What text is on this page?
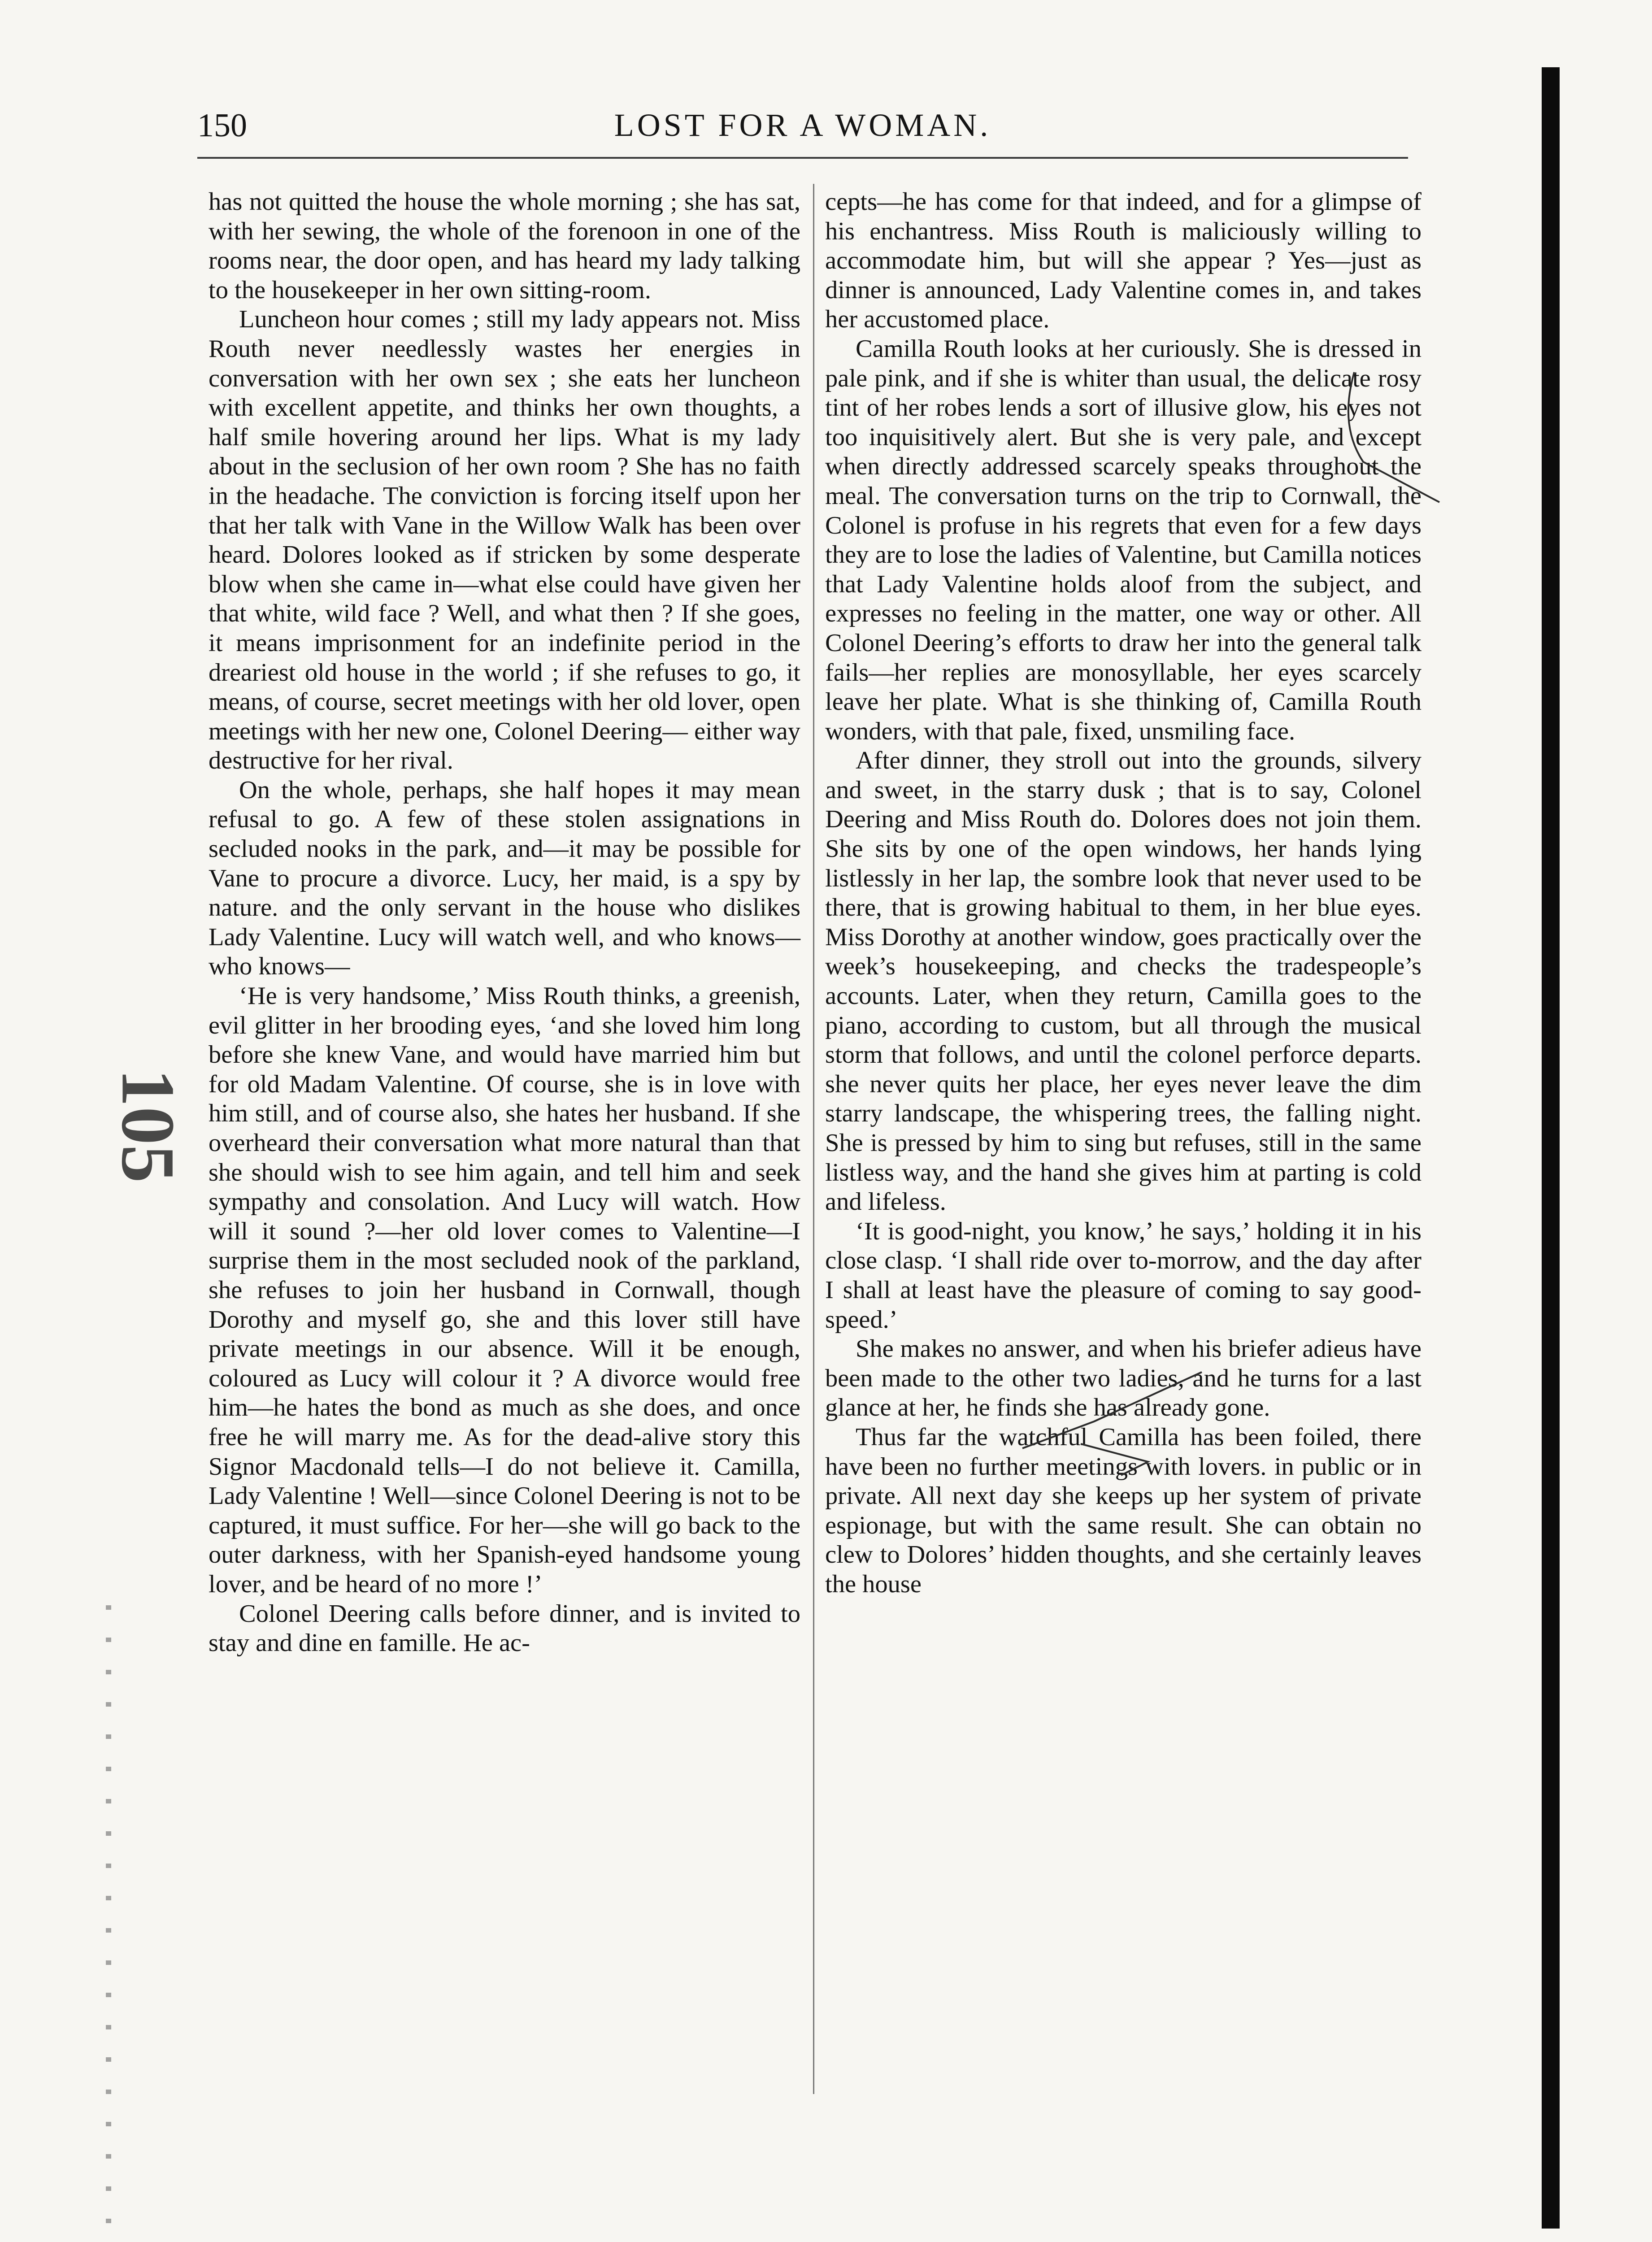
150	LOST FOR A WOMAN.
105

has not quitted the house the whole morning ; she has sat, with her sewing, the whole of the forenoon in one of the rooms near, the door open, and has heard my lady talking to the housekeeper in her own sitting-room.

Luncheon hour comes ; still my lady appears not. Miss Routh never needlessly wastes her energies in conversation with her own sex ; she eats her luncheon with excellent appetite, and thinks her own thoughts, a half smile hovering around her lips. What is my lady about in the seclusion of her own room ? She has no faith in the headache. The conviction is forcing itself upon her that her talk with Vane in the Willow Walk has been over heard. Dolores looked as if stricken by some desperate blow when she came in—what else could have given her that white, wild face ? Well, and what then ? If she goes, it means imprisonment for an indefinite period in the dreariest old house in the world ; if she refuses to go, it means, of course, secret meetings with her old lover, open meetings with her new one, Colonel Deering— either way destructive for her rival.

On the whole, perhaps, she half hopes it may mean refusal to go. A few of these stolen assignations in secluded nooks in the park, and—it may be possible for Vane to procure a divorce. Lucy, her maid, is a spy by nature. and the only servant in the house who dislikes Lady Valentine. Lucy will watch well, and who knows—who knows—

‘He is very handsome,’ Miss Routh thinks, a greenish, evil glitter in her brooding eyes, ‘and she loved him long before she knew Vane, and would have married him but for old Madam Valentine. Of course, she is in love with him still, and of course also, she hates her husband. If she overheard their conversation what more natural than that she should wish to see him again, and tell him and seek sympathy and consolation. And Lucy will watch. How will it sound ?—her old lover comes to Valentine—I surprise them in the most secluded nook of the parkland, she refuses to join her husband in Cornwall, though Dorothy and myself go, she and this lover still have private meetings in our absence. Will it be enough, coloured as Lucy will colour it ? A divorce would free him—he hates the bond as much as she does, and once free he will marry me. As for the dead-alive story this Signor Macdonald tells—I do not believe it. Camilla, Lady Valentine ! Well—since Colonel Deering is not to be captured, it must suffice. For her—she will go back to the outer darkness, with her Spanish-eyed handsome young lover, and be heard of no more !’

Colonel Deering calls before dinner, and is invited to stay and dine en famille. He ac-

cepts—he has come for that indeed, and for a glimpse of his enchantress. Miss Routh is maliciously willing to accommodate him, but will she appear ? Yes—just as dinner is announced, Lady Valentine comes in, and takes her accustomed place.

Camilla Routh looks at her curiously. She is dressed in pale pink, and if she is whiter than usual, the delicate rosy tint of her robes lends a sort of illusive glow, his eyes not too inquisitively alert. But she is very pale, and except when directly addressed scarcely speaks throughout the meal. The conversation turns on the trip to Cornwall, the Colonel is profuse in his regrets that even for a few days they are to lose the ladies of Valentine, but Camilla notices that Lady Valentine holds aloof from the subject, and expresses no feeling in the matter, one way or other. All Colonel Deering’s efforts to draw her into the general talk fails—her replies are monosyllable, her eyes scarcely leave her plate. What is she thinking of, Camilla Routh wonders, with that pale, fixed, unsmiling face.

After dinner, they stroll out into the grounds, silvery and sweet, in the starry dusk ; that is to say, Colonel Deering and Miss Routh do. Dolores does not join them. She sits by one of the open windows, her hands lying listlessly in her lap, the sombre look that never used to be there, that is growing habitual to them, in her blue eyes. Miss Dorothy at another window, goes practically over the week’s housekeeping, and checks the tradespeople’s accounts. Later, when they return, Camilla goes to the piano, according to custom, but all through the musical storm that follows, and until the colonel perforce departs. she never quits her place, her eyes never leave the dim starry landscape, the whispering trees, the falling night. She is pressed by him to sing but refuses, still in the same listless way, and the hand she gives him at parting is cold and lifeless.

‘It is good-night, you know,’ he says,’ holding it in his close clasp. ‘I shall ride over to-morrow, and the day after I shall at least have the pleasure of coming to say good-speed.’

She makes no answer, and when his briefer adieus have been made to the other two ladies, and he turns for a last glance at her, he finds she has already gone.

Thus far the watchful Camilla has been foiled, there have been no further meetings with lovers. in public or in private. All next day she keeps up her system of private espionage, but with the same result. She can obtain no clew to Dolores’ hidden thoughts, and she certainly leaves the house
